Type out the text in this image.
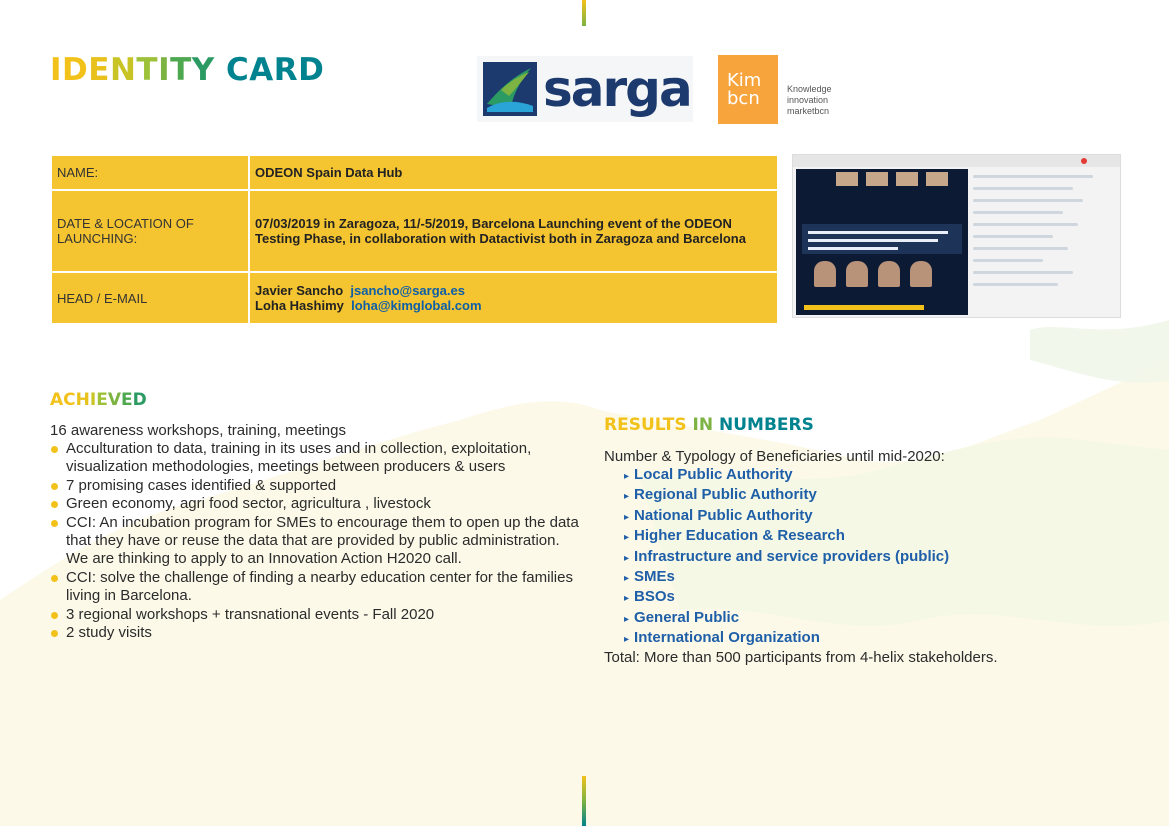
IDENTITY CARD	sarga Kim
bcn	Knowledge
innovation
marketbcn
NAME:	ODEON Spain Data Hub
DATE & LOCATION OF LAUNCHING:	07/03/2019 in Zaragoza, 11/-5/2019, Barcelona Launching event of the ODEON Testing Phase, in collaboration with Datactivist both in Zaragoza and Barcelona
HEAD / E-MAIL	Javier Sancho jsancho@sarga.es
Loha Hashimy loha@kimglobal.com
ACHIEVED

16 awareness workshops, training, meetings

Acculturation to data, training in its uses and in collection, exploitation, visualization methodologies, meetings between producers & users
7 promising cases identified & supported
Green economy, agri food sector, agricultura , livestock
CCI: An incubation program for SMEs to encourage them to open up the data that they have or reuse the data that are provided by public administration. We are thinking to apply to an Innovation Action H2020 call.
CCI: solve the challenge of finding a nearby education center for the families living in Barcelona.
3 regional workshops + transnational events - Fall 2020
2 study visits
RESULTS IN NUMBERS

Number & Typology of Beneficiaries until mid-2020:

▸ Local Public Authority
▸ Regional Public Authority
▸ National Public Authority
▸ Higher Education & Research
▸ Infrastructure and service providers (public)
▸ SMEs
▸ BSOs
▸ General Public
▸ International Organization

Total: More than 500 participants from 4-helix stakeholders.
